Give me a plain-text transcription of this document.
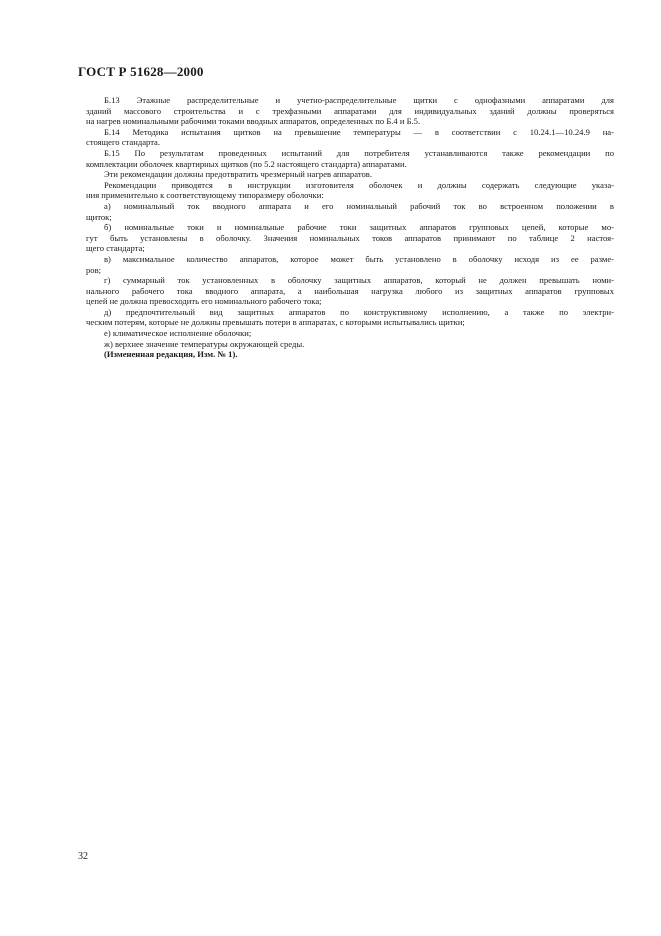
ГОСТ Р 51628—2000
Б.13 Этажные распределительные и учетно-распределительные щитки с однофазными аппаратами для
зданий массового строительства и с трехфазными аппаратами для индивидуальных зданий должны проверяться
на нагрев номинальными рабочими токами вводных аппаратов, определенных по Б.4 и Б.5.
Б.14 Методика испытания щитков на превышение температуры — в соответствии с 10.24.1—10.24.9 на-
стоящего стандарта.
Б.15 По результатам проведенных испытаний для потребителя устанавливаются также рекомендации по
комплектации оболочек квартирных щитков (по 5.2 настоящего стандарта) аппаратами.
Эти рекомендации должны предотвратить чрезмерный нагрев аппаратов.
Рекомендации приводятся в инструкции изготовителя оболочек и должны содержать следующие указа-
ния применительно к соответствующему типоразмеру оболочки:
а) номинальный ток вводного аппарата и его номинальный рабочий ток во встроенном положении в
щиток;
б) номинальные токи и номинальные рабочие токи защитных аппаратов групповых цепей, которые мо-
гут быть установлены в оболочку. Значения номинальных токов аппаратов принимают по таблице 2 настоя-
щего стандарта;
в) максимальное количество аппаратов, которое может быть установлено в оболочку исходя из ее разме-
ров;
г) суммарный ток установленных в оболочку защитных аппаратов, который не должен превышать номи-
нального рабочего тока вводного аппарата, а наибольшая нагрузка любого из защитных аппаратов групповых
цепей не должна превосходить его номинального рабочего тока;
д) предпочтительный вид защитных аппаратов по конструктивному исполнению, а также по электри-
ческим потерям, которые не должны превышать потери в аппаратах, с которыми испытывались щитки;
е) климатическое исполнение оболочки;
ж) верхнее значение температуры окружающей среды.
(Измененная редакция, Изм. № 1).
32
